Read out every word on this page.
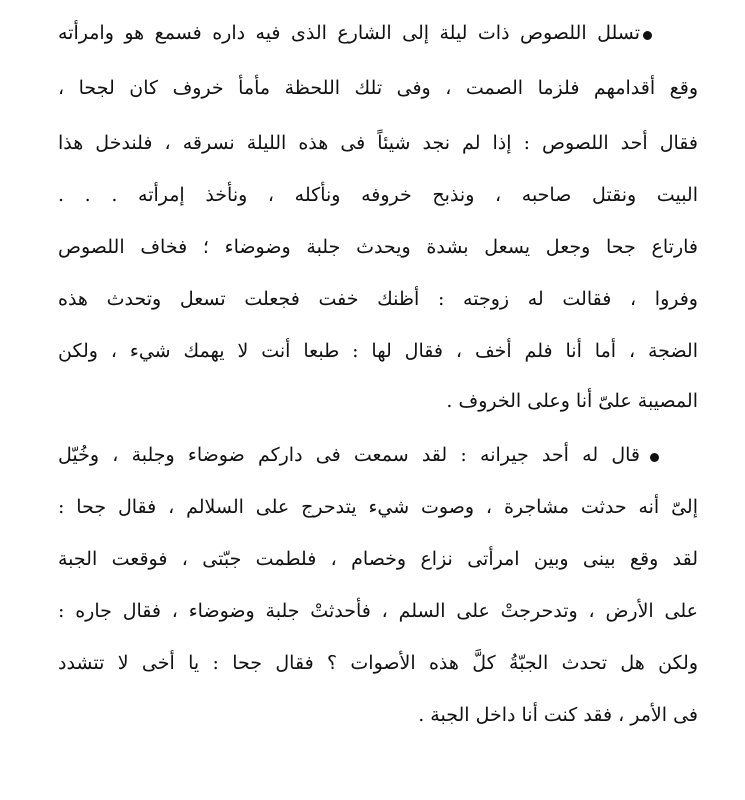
تسلل اللصوص ذات ليلة إلى الشارع الذى فيه داره فسمع هو وامرأته
وقع أقدامهم فلزما الصمت ، وفى تلك اللحظة مأمأ خروف كان لجحا ،
فقال أحد اللصوص : إذا لم نجد شيئاً فى هذه الليلة نسرقه ، فلندخل هذا
البيت ونقتل صاحبه ، ونذبح خروفه ونأكله ، ونأخذ إمرأته . . .
فارتاع جحا وجعل يسعل بشدة ويحدث جلبة وضوضاء ؛ فخاف اللصوص
وفروا ، فقالت له زوجته : أظنك خفت فجعلت تسعل وتحدث هذه
الضجة ، أما أنا فلم أخف ، فقال لها : طبعا أنت لا يهمك شيء ، ولكن
المصيبة علىّ أنا وعلى الخروف .
قال له أحد جيرانه : لقد سمعت فى داركم ضوضاء وجلبة ، وخُيّل
إلىّ أنه حدثت مشاجرة ، وصوت شيء يتدحرج على السلالم ، فقال جحا :
لقد وقع بينى وبين امرأتى نزاع وخصام ، فلطمت جبّتى ، فوقعت الجبة
على الأرض ، وتدحرجتْ على السلم ، فأحدثتْ جلبة وضوضاء ، فقال جاره :
ولكن هل تحدث الجبّةُ كلَّ هذه الأصوات ؟ فقال جحا : يا أخى لا تتشدد
فى الأمر ، فقد كنت أنا داخل الجبة .
